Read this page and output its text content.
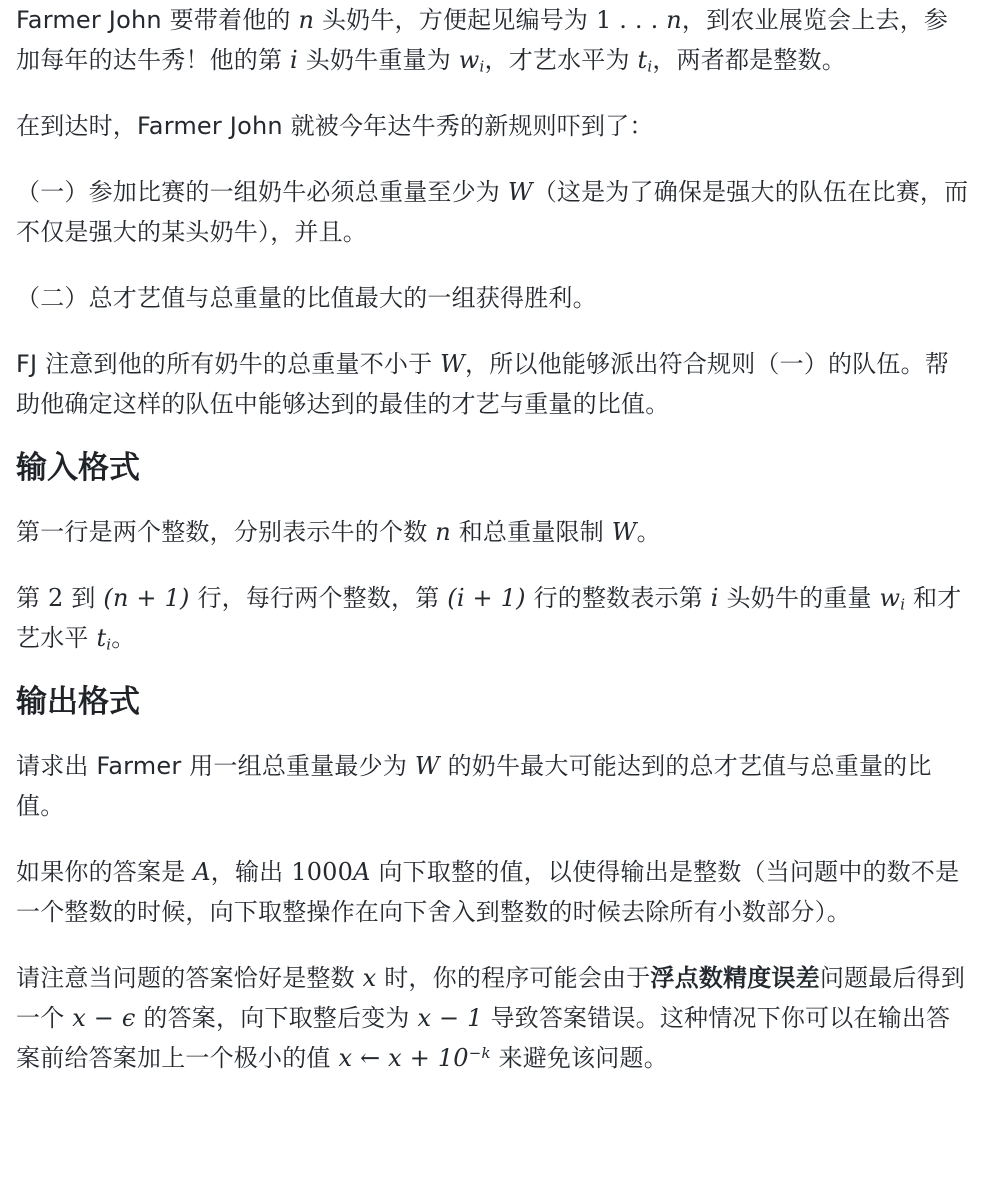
Farmer John 要带着他的 n 头奶牛，方便起见编号为 1 . . . n，到农业展览会上去，参加每年的达牛秀！他的第 i 头奶牛重量为 $w_i$，才艺水平为 $t_i$，两者都是整数。

在到达时，Farmer John 就被今年达牛秀的新规则吓到了：

（一）参加比赛的一组奶牛必须总重量至少为 W（这是为了确保是强大的队伍在比赛，而不仅是强大的某头奶牛），并且。

（二）总才艺值与总重量的比值最大的一组获得胜利。

FJ 注意到他的所有奶牛的总重量不小于 W，所以他能够派出符合规则（一）的队伍。帮助他确定这样的队伍中能够达到的最佳的才艺与重量的比值。

输入格式

第一行是两个整数，分别表示牛的个数 n 和总重量限制 W。

第 2 到 (n + 1) 行，每行两个整数，第 (i + 1) 行的整数表示第 i 头奶牛的重量 $w_i$ 和才艺水平 $t_i$。

输出格式

请求出 Farmer 用一组总重量最少为 W 的奶牛最大可能达到的总才艺值与总重量的比值。

如果你的答案是 A，输出 1000A 向下取整的值，以使得输出是整数（当问题中的数不是一个整数的时候，向下取整操作在向下舍入到整数的时候去除所有小数部分）。

请注意当问题的答案恰好是整数 x 时，你的程序可能会由于浮点数精度误差问题最后得到一个 x − ϵ 的答案，向下取整后变为 x − 1 导致答案错误。这种情况下你可以在输出答案前给答案加上一个极小的值 x ← $x + 10^{-k}$ 来避免该问题。
